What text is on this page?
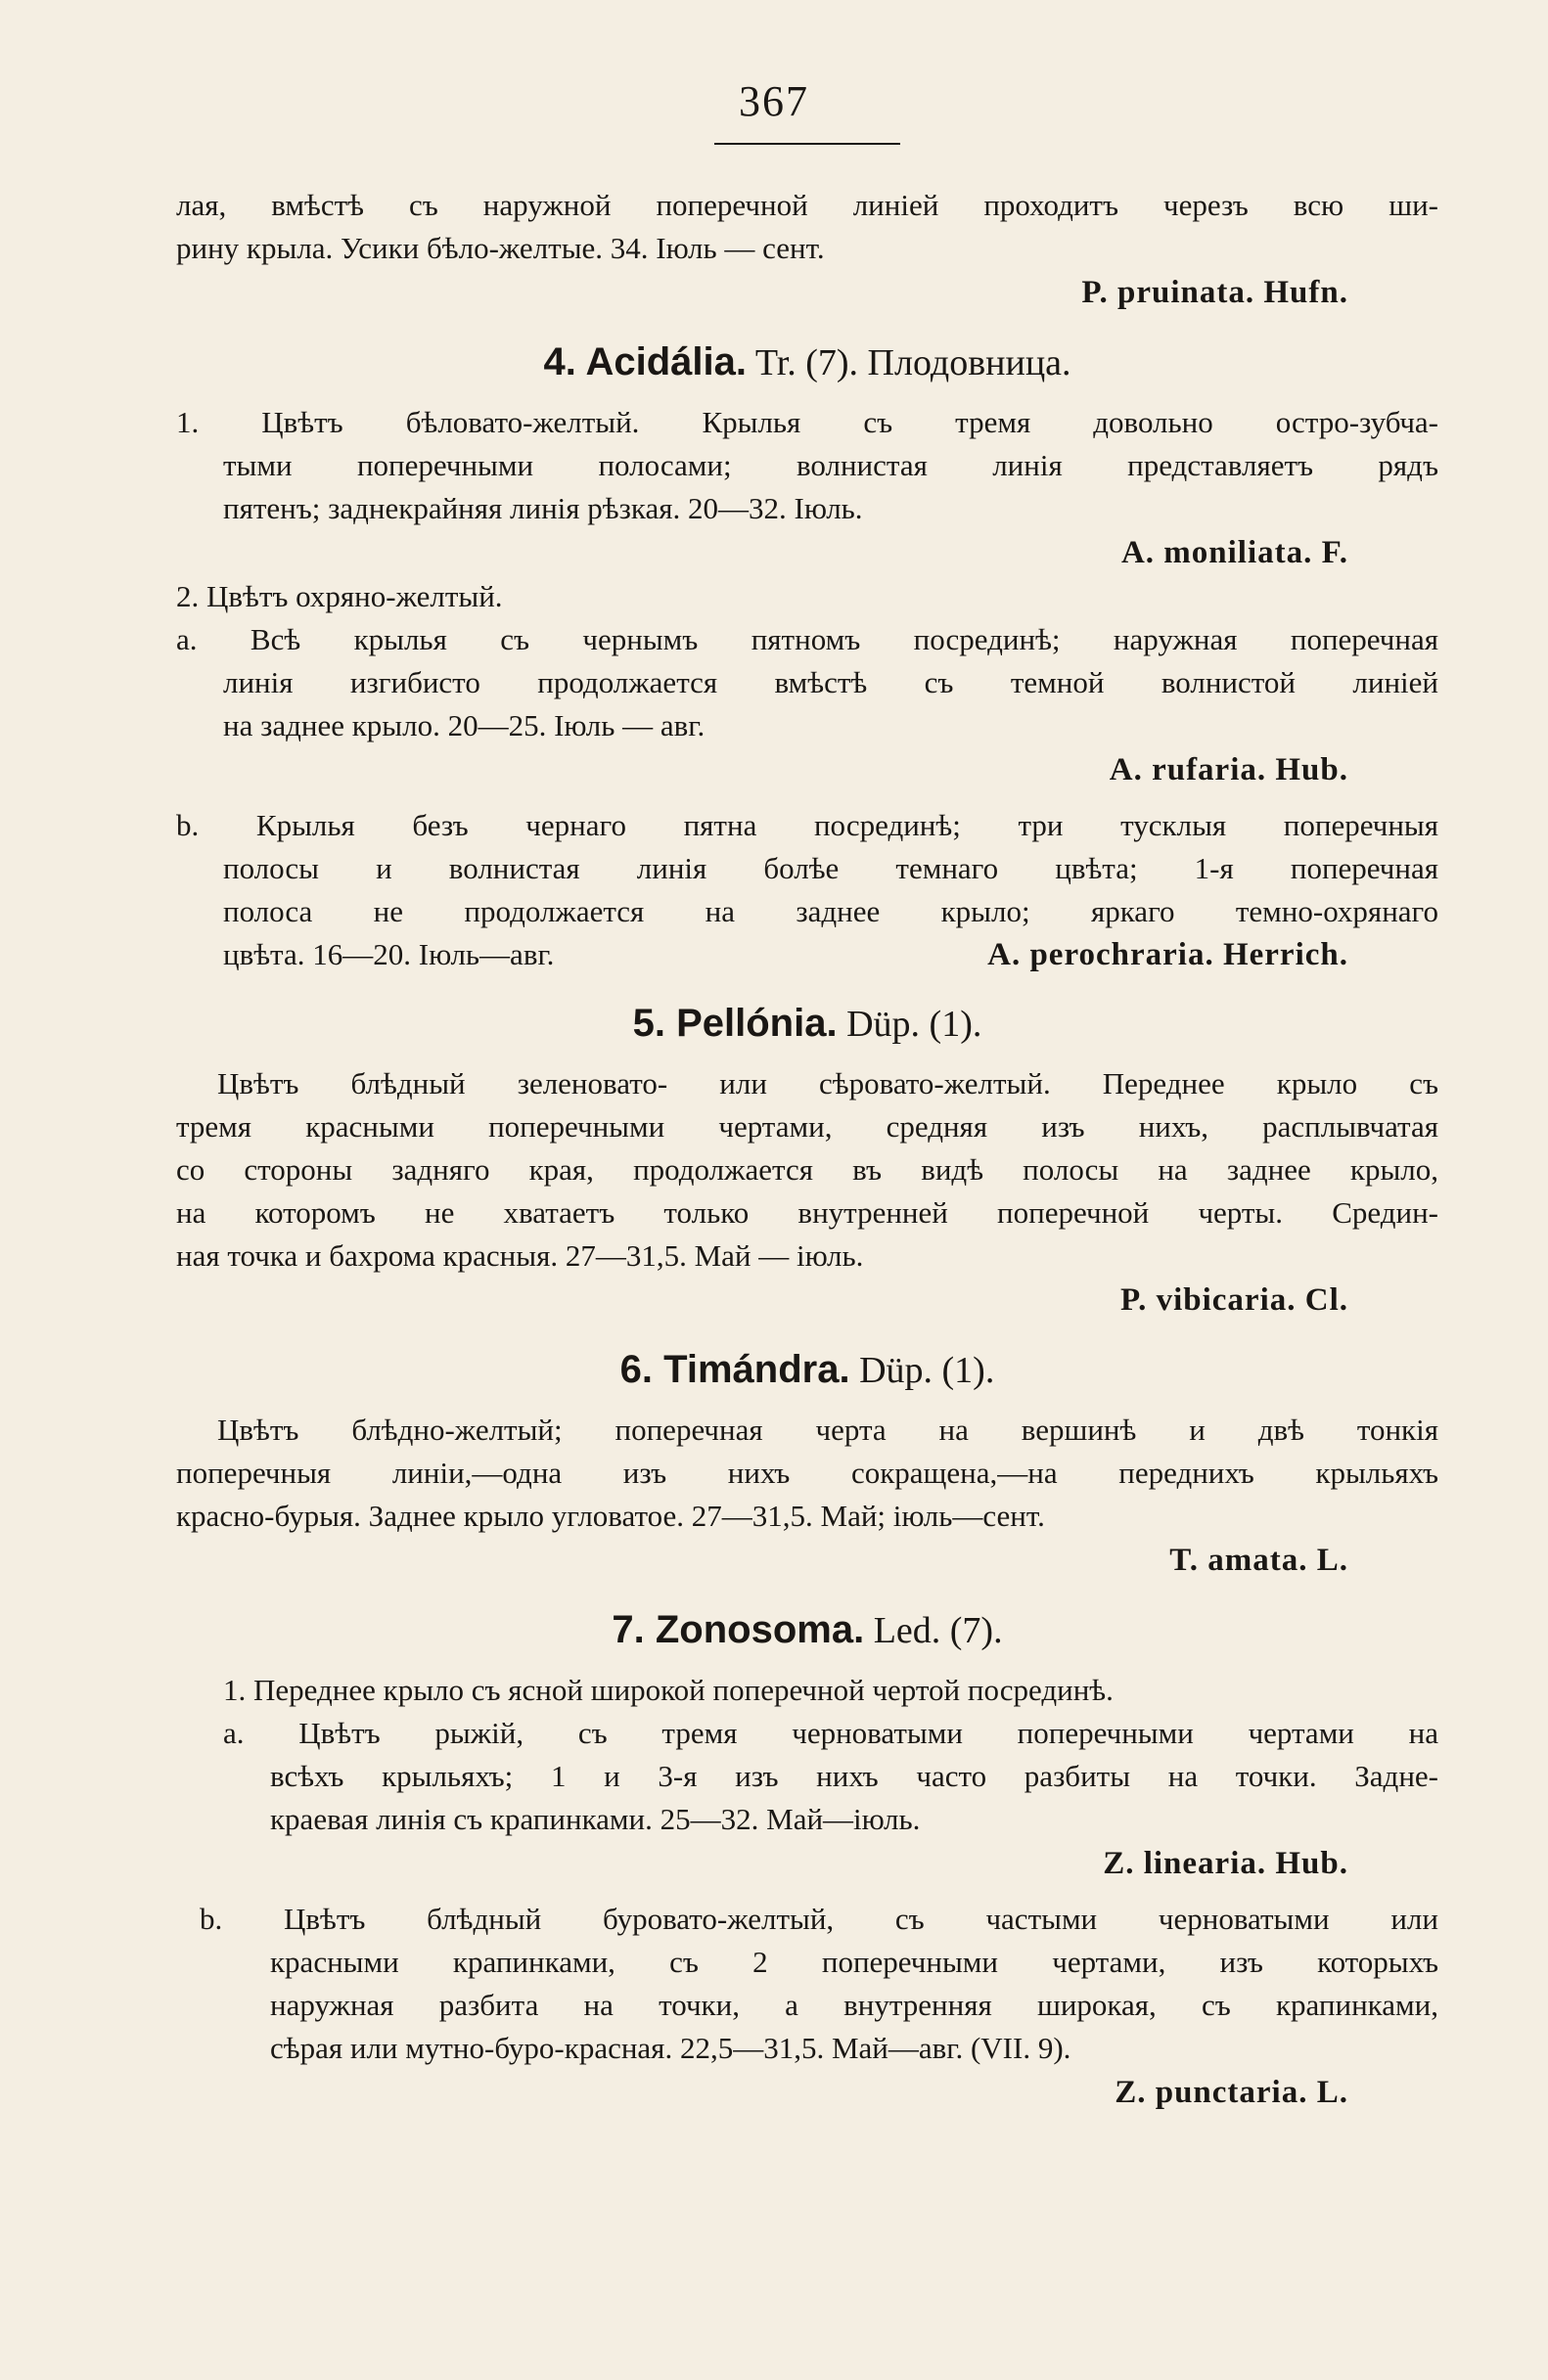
367
лая, вмѣстѣ съ наружной поперечной линіей проходитъ черезъ всю ши-
рину крыла. Усики бѣло-желтые. 34. Іюль — сент.
P. pruinata. Hufn.
4. Acidália. Tr. (7). Плодовница.
1. Цвѣтъ бѣловато-желтый. Крылья съ тремя довольно остро-зубча-
тыми поперечными полосами; волнистая линія представляетъ рядъ
пятенъ; заднекрайняя линія рѣзкая. 20—32. Іюль.
A. moniliata. F.
2. Цвѣтъ охряно-желтый.
a. Всѣ крылья съ чернымъ пятномъ посрединѣ; наружная поперечная
линія изгибисто продолжается вмѣстѣ съ темной волнистой линіей
на заднее крыло. 20—25. Іюль — авг.
A. rufaria. Hub.
b. Крылья безъ чернаго пятна посрединѣ; три тусклыя поперечныя
полосы и волнистая линія болѣе темнаго цвѣта; 1-я поперечная
полоса не продолжается на заднее крыло; яркаго темно-охрянаго
цвѣта. 16—20. Іюль—авг.	A. perochraria. Herrich.
5. Pellónia. Düp. (1).
Цвѣтъ блѣдный зеленовато- или сѣровато-желтый. Переднее крыло съ
тремя красными поперечными чертами, средняя изъ нихъ, расплывчатая
со стороны задняго края, продолжается въ видѣ полосы на заднее крыло,
на которомъ не хватаетъ только внутренней поперечной черты. Средин-
ная точка и бахрома красныя. 27—31,5. Май — іюль.
P. vibicaria. Cl.
6. Timándra. Düp. (1).
Цвѣтъ блѣдно-желтый; поперечная черта на вершинѣ и двѣ тонкія
поперечныя линіи,—одна изъ нихъ сокращена,—на переднихъ крыльяхъ
красно-бурыя. Заднее крыло угловатое. 27—31,5. Май; іюль—сент.
T. amata. L.
7. Zonosoma. Led. (7).
1. Переднее крыло съ ясной широкой поперечной чертой посрединѣ.
a. Цвѣтъ рыжій, съ тремя черноватыми поперечными чертами на
всѣхъ крыльяхъ; 1 и 3-я изъ нихъ часто разбиты на точки. Задне-
краевая линія съ крапинками. 25—32. Май—іюль.
Z. linearia. Hub.
b. Цвѣтъ блѣдный буровато-желтый, съ частыми черноватыми или
красными крапинками, съ 2 поперечными чертами, изъ которыхъ
наружная разбита на точки, а внутренняя широкая, съ крапинками,
сѣрая или мутно-буро-красная. 22,5—31,5. Май—авг. (VII. 9).
Z. punctaria. L.
